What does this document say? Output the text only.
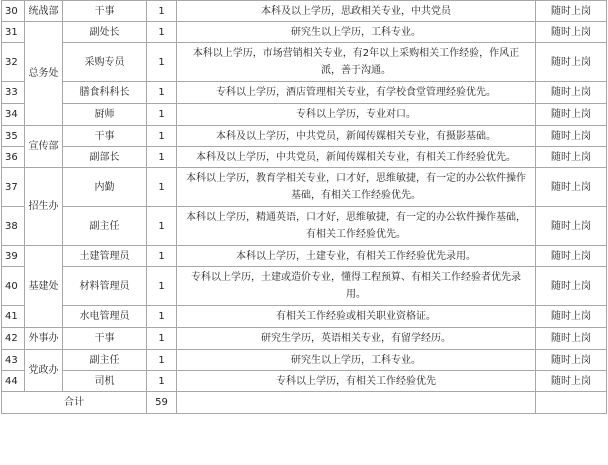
30	统战部	干事	1	本科及以上学历，思政相关专业，中共党员	随时上岗
31	总务处	副处长	1	研究生以上学历，工科专业。	随时上岗
32		采购专员	1	本科以上学历，市场营销相关专业，有2年以上采购相关工作经验，作风正派，善于沟通。	随时上岗
33		膳食科科长	1	专科以上学历，酒店管理相关专业，有学校食堂管理经验优先。	随时上岗
34		厨师	1	专科以上学历，专业对口。	随时上岗
35	宣传部	干事	1	本科及以上学历，中共党员，新闻传媒相关专业，有摄影基础。	随时上岗
36		副部长	1	本科及以上学历，中共党员，新闻传媒相关专业，有相关工作经验优先。	随时上岗
37	招生办	内勤	1	本科以上学历，教育学相关专业，口才好，思维敏捷，有一定的办公软件操作基础，有相关工作经验优先。	随时上岗
38		副主任	1	本科以上学历，精通英语，口才好，思维敏捷，有一定的办公软件操作基础，有相关工作经验优先。	随时上岗
39	基建处	土建管理员	1	本科以上学历，土建专业，有相关工作经验优先录用。	随时上岗
40		材料管理员	1	专科以上学历，土建或造价专业，懂得工程预算、有相关工作经验者优先录用。	随时上岗
41		水电管理员	1	有相关工作经验或相关职业资格证。	随时上岗
42	外事办	干事	1	研究生学历，英语相关专业，有留学经历。	随时上岗
43	党政办	副主任	1	研究生以上学历，工科专业。	随时上岗
44		司机	1	专科以上学历，有相关工作经验优先	随时上岗
合计			59		
